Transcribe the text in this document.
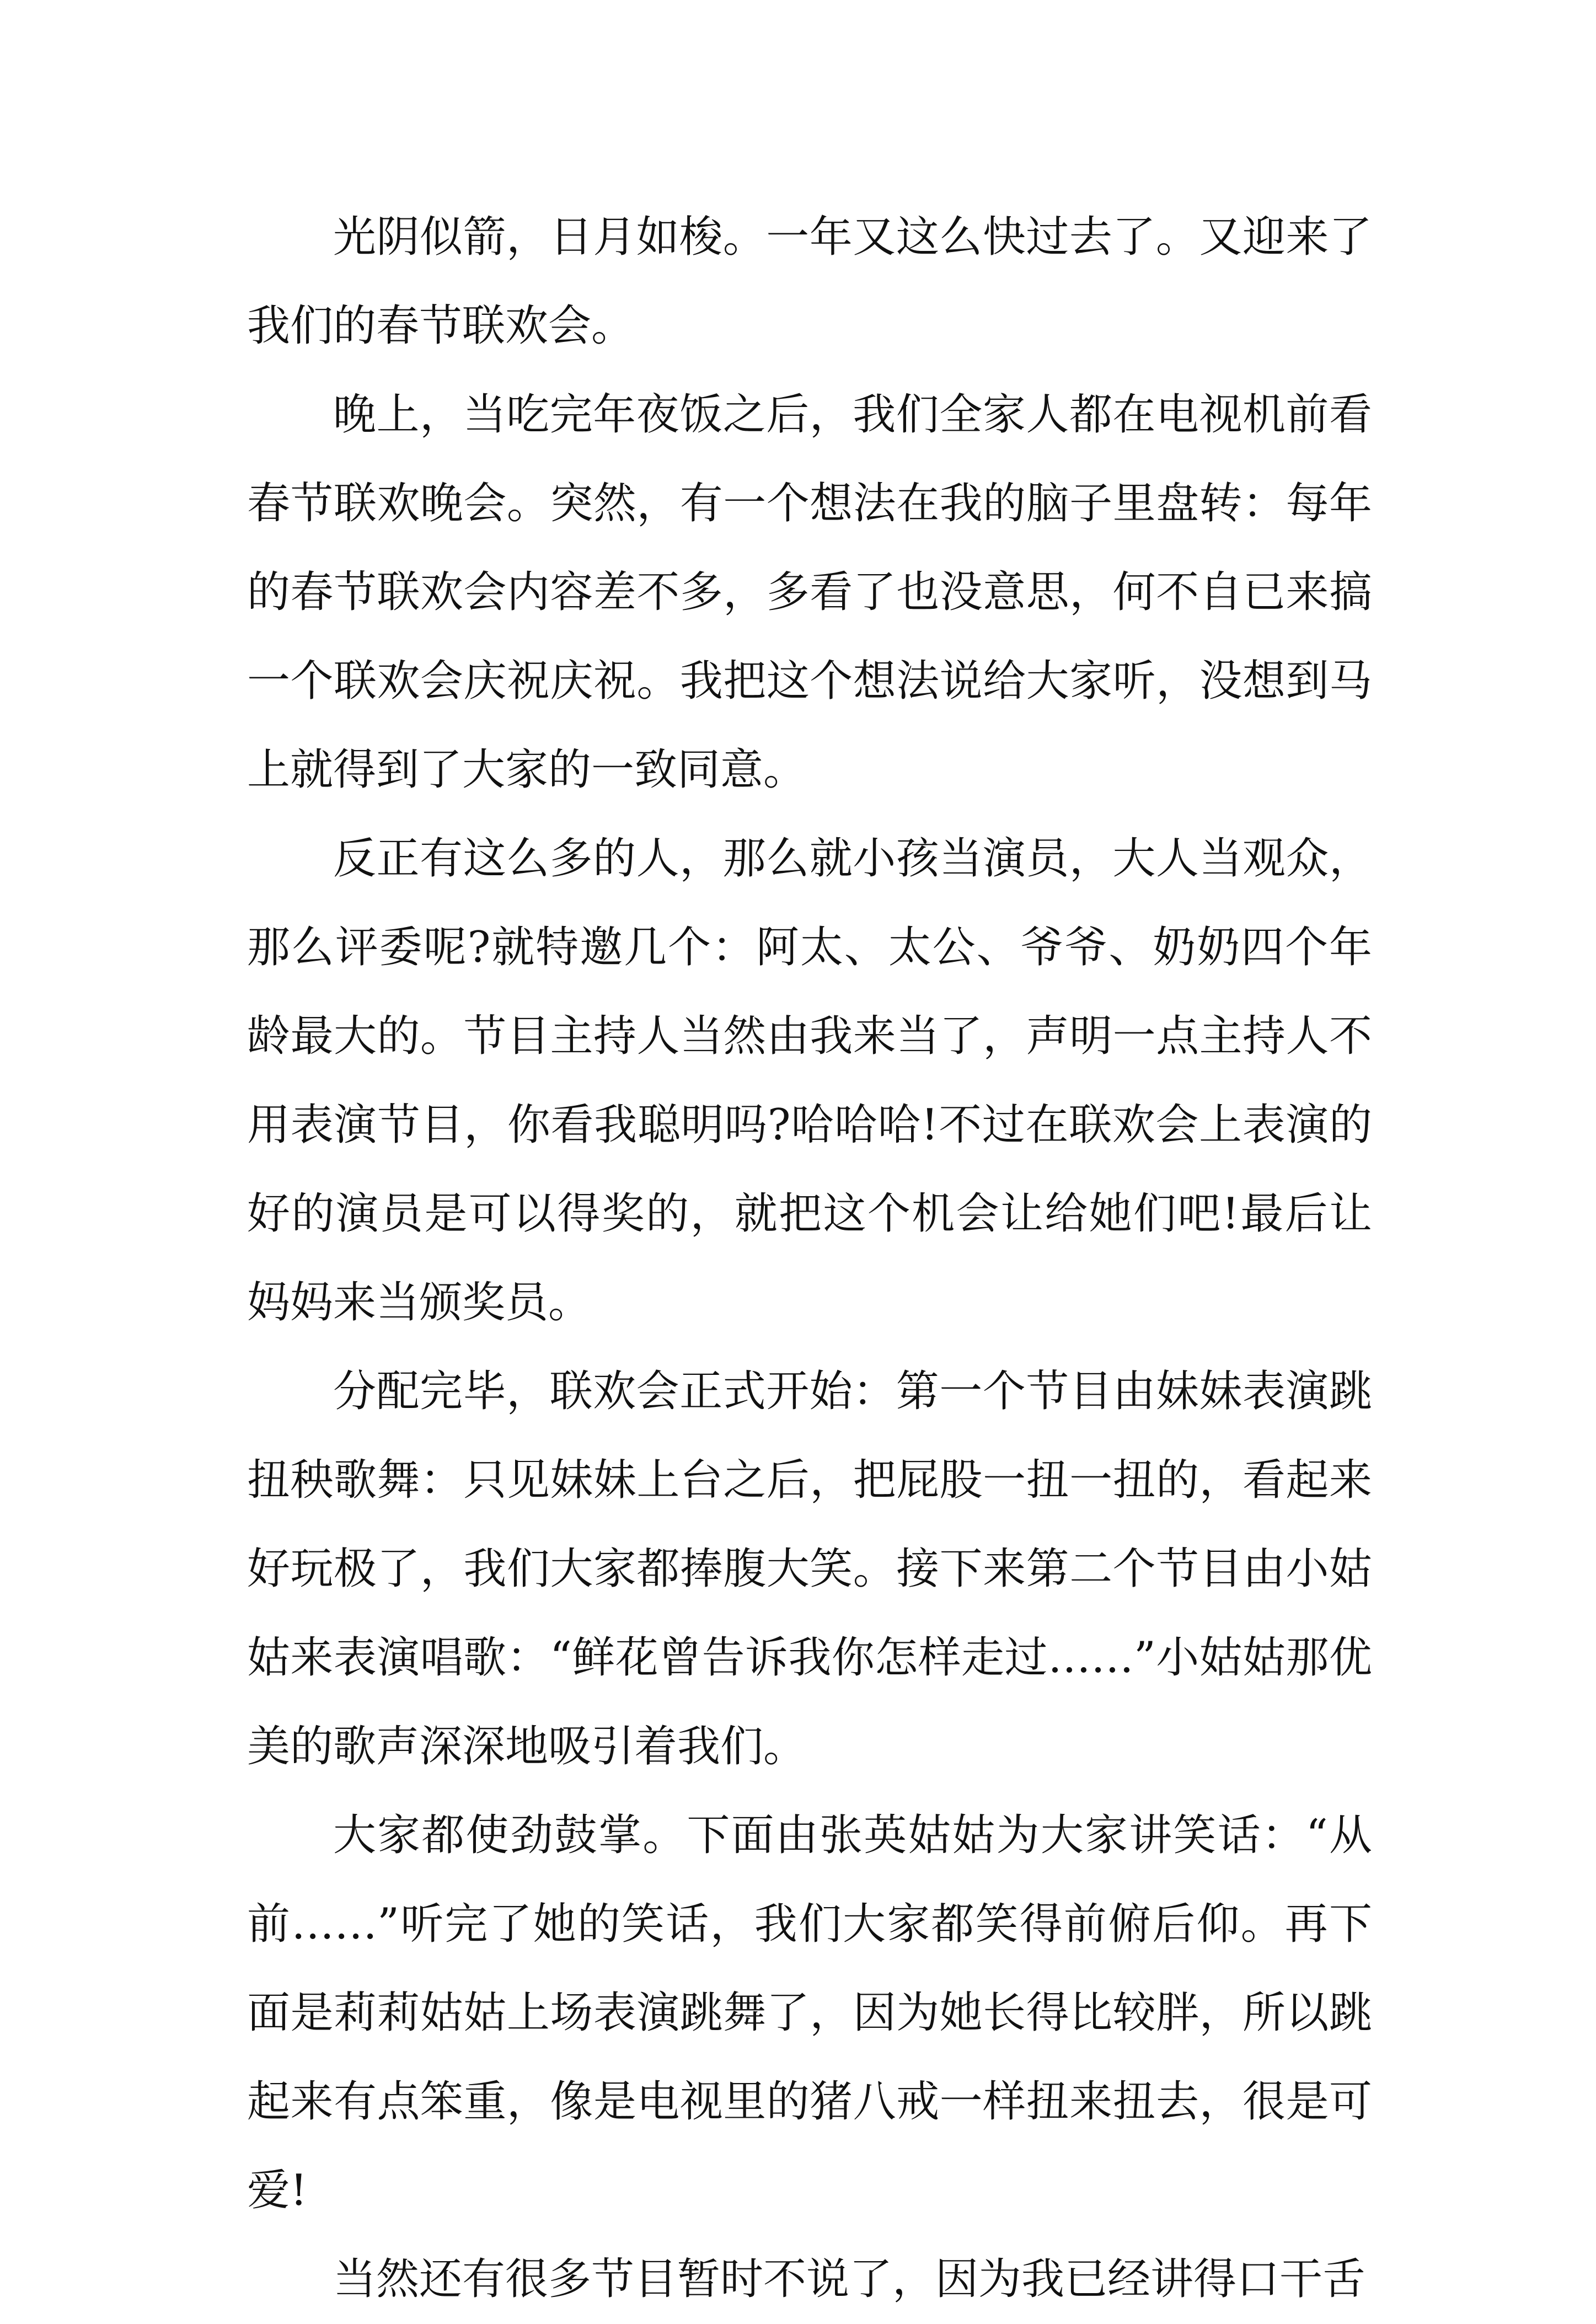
光阴似箭，日月如梭。一年又这么快过去了。又迎来了我们的春节联欢会。

晚上，当吃完年夜饭之后，我们全家人都在电视机前看春节联欢晚会。突然，有一个想法在我的脑子里盘转：每年的春节联欢会内容差不多，多看了也没意思，何不自已来搞一个联欢会庆祝庆祝。我把这个想法说给大家听，没想到马上就得到了大家的一致同意。

反正有这么多的人，那么就小孩当演员，大人当观众，那么评委呢?就特邀几个：阿太、太公、爷爷、奶奶四个年龄最大的。节目主持人当然由我来当了，声明一点主持人不用表演节目，你看我聪明吗?哈哈哈!不过在联欢会上表演的好的演员是可以得奖的，就把这个机会让给她们吧!最后让妈妈来当颁奖员。

分配完毕，联欢会正式开始：第一个节目由妹妹表演跳扭秧歌舞：只见妹妹上台之后，把屁股一扭一扭的，看起来好玩极了，我们大家都捧腹大笑。接下来第二个节目由小姑姑来表演唱歌：“鲜花曾告诉我你怎样走过……”小姑姑那优美的歌声深深地吸引着我们。

大家都使劲鼓掌。下面由张英姑姑为大家讲笑话：“从前……”听完了她的笑话，我们大家都笑得前俯后仰。再下面是莉莉姑姑上场表演跳舞了，因为她长得比较胖，所以跳起来有点笨重，像是电视里的猪八戒一样扭来扭去，很是可爱!

当然还有很多节目暂时不说了，因为我已经讲得口干舌
